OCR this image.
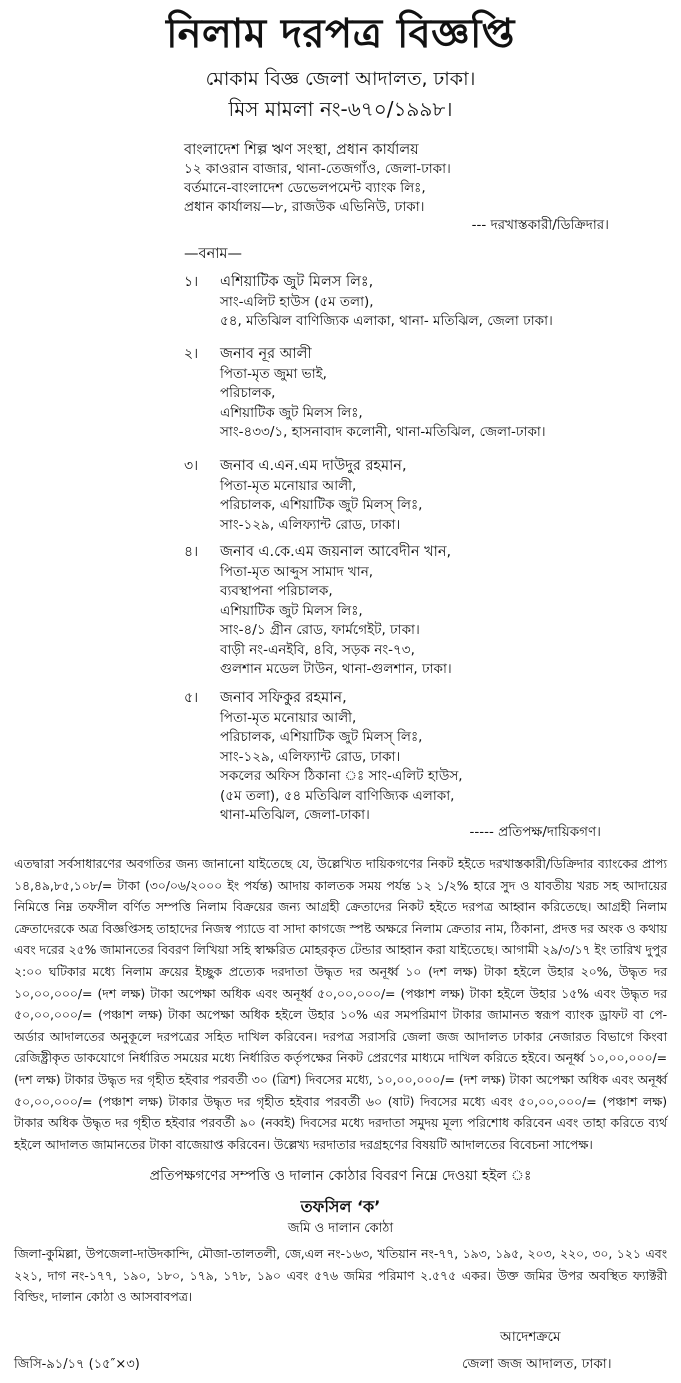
নিলাম দরপত্র বিজ্ঞপ্তি
মোকাম বিজ্ঞ জেলা আদালত, ঢাকা।
মিস মামলা নং-৬৭০/১৯৯৮।
বাংলাদেশ শিল্প ঋণ সংস্থা, প্রধান কার্যালয়
১২ কাওরান বাজার, থানা-তেজগাঁও, জেলা-ঢাকা।
বর্তমানে-বাংলাদেশ ডেভেলপমেন্ট ব্যাংক লিঃ,
প্রধান কার্যালয়—৮, রাজউক এভিনিউ, ঢাকা।
--- দরখাস্তকারী/ডিক্রিদার।
—বনাম—
১।	এশিয়াটিক জুট মিলস লিঃ,
সাং-এলিট হাউস (৫ম তলা),
৫৪, মতিঝিল বাণিজ্যিক এলাকা, থানা- মতিঝিল, জেলা ঢাকা।
২।	জনাব নূর আলী
পিতা-মৃত জুমা ভাই,
পরিচালক,
এশিয়াটিক জুট মিলস লিঃ,
সাং-৪৩৩/১, হাসনাবাদ কলোনী, থানা-মতিঝিল, জেলা-ঢাকা।
৩।	জনাব এ.এন.এম দাউদুর রহমান,
পিতা-মৃত মনোয়ার আলী,
পরিচালক, এশিয়াটিক জুট মিলস্ লিঃ,
সাং-১২৯, এলিফ্যান্ট রোড, ঢাকা।
৪।	জনাব এ.কে.এম জয়নাল আবেদীন খান,
পিতা-মৃত আব্দুস সামাদ খান,
ব্যবস্থাপনা পরিচালক,
এশিয়াটিক জুট মিলস লিঃ,
সাং-৪/১ গ্রীন রোড, ফার্মগেইট, ঢাকা।
বাড়ী নং-এনইবি, ৪বি, সড়ক নং-৭৩,
গুলশান মডেল টাউন, থানা-গুলশান, ঢাকা।
৫।	জনাব সফিকুর রহমান,
পিতা-মৃত মনোয়ার আলী,
পরিচালক, এশিয়াটিক জুট মিলস্ লিঃ,
সাং-১২৯, এলিফ্যান্ট রোড, ঢাকা।
সকলের অফিস ঠিকানা ঃ সাং-এলিট হাউস,
(৫ম তলা), ৫৪ মতিঝিল বাণিজ্যিক এলাকা,
থানা-মতিঝিল, জেলা-ঢাকা।
----- প্রতিপক্ষ/দায়িকগণ।
এতদ্বারা সর্বসাধারণের অবগতির জন্য জানানো যাইতেছে যে, উল্লেখিত দায়িকগণের নিকট হইতে দরখাস্তকারী/ডিক্রিদার ব্যাংকের প্রাপ্য ১৪,৪৯,৮৫,১০৮/= টাকা (৩০/০৬/২০০০ ইং পর্যন্ত) আদায় কালতক সময় পর্যন্ত ১২ ১/২% হারে সুদ ও যাবতীয় খরচ সহ আদায়ের নিমিত্তে নিম্ন তফসীল বর্ণিত সম্পত্তি নিলাম বিক্রয়ের জন্য আগ্রহী ক্রেতাদের নিকট হইতে দরপত্র আহ্বান করিতেছে। আগ্রহী নিলাম ক্রেতাদেরকে অত্র বিজ্ঞপ্তিসহ তাহাদের নিজস্ব প্যাডে বা সাদা কাগজে স্পষ্ট অক্ষরে নিলাম ক্রেতার নাম, ঠিকানা, প্রদত্ত দর অংক ও কথায় এবং দরের ২৫% জামানতের বিবরণ লিখিয়া সহি স্বাক্ষরিত মোহরকৃত টেন্ডার আহ্বান করা যাইতেছে। আগামী ২৯/৩/১৭ ইং তারিখ দুপুর ২:০০ ঘটিকার মধ্যে নিলাম ক্রয়ের ইচ্ছুক প্রত্যেক দরদাতা উদ্ধৃত দর অনূর্ধ্ব ১০ (দশ লক্ষ) টাকা হইলে উহার ২০%, উদ্ধৃত দর ১০,০০,০০০/= (দশ লক্ষ) টাকা অপেক্ষা অধিক এবং অনূর্ধ্ব ৫০,০০,০০০/= (পঞ্চাশ লক্ষ) টাকা হইলে উহার ১৫% এবং উদ্ধৃত দর ৫০,০০,০০০/= (পঞ্চাশ লক্ষ) টাকা অপেক্ষা অধিক হইলে উহার ১০% এর সমপরিমাণ টাকার জামানত স্বরূপ ব্যাংক ড্রাফট বা পে-অর্ডার আদালতের অনুকূলে দরপত্রের সহিত দাখিল করিবেন। দরপত্র সরাসরি জেলা জজ আদালত ঢাকার নেজারত বিভাগে কিংবা রেজিষ্ট্রীকৃত ডাকযোগে নির্ধারিত সময়ের মধ্যে নির্ধারিত কর্তৃপক্ষের নিকট প্রেরণের মাধ্যমে দাখিল করিতে হইবে। অনূর্ধ্ব ১০,০০,০০০/= (দশ লক্ষ) টাকার উদ্ধৃত দর গৃহীত হইবার পরবর্তী ৩০ (ত্রিশ) দিবসের মধ্যে, ১০,০০,০০০/= (দশ লক্ষ) টাকা অপেক্ষা অধিক এবং অনূর্ধ্ব ৫০,০০,০০০/= (পঞ্চাশ লক্ষ) টাকার উদ্ধৃত দর গৃহীত হইবার পরবর্তী ৬০ (ষাট) দিবসের মধ্যে এবং ৫০,০০,০০০/= (পঞ্চাশ লক্ষ) টাকার অধিক উদ্ধৃত দর গৃহীত হইবার পরবর্তী ৯০ (নব্বই) দিবসের মধ্যে দরদাতা সমুদয় মূল্য পরিশোধ করিবেন এবং তাহা করিতে ব্যর্থ হইলে আদালত জামানতের টাকা বাজেয়াপ্ত করিবেন। উল্লেখ্য দরদাতার দরগ্রহণের বিষয়টি আদালতের বিবেচনা সাপেক্ষ।
প্রতিপক্ষগণের সম্পত্তি ও দালান কোঠার বিবরণ নিম্নে দেওয়া হইল ঃ
তফসিল ‘ক’
জমি ও দালান কোঠা
জিলা-কুমিল্লা, উপজেলা-দাউদকান্দি, মৌজা-তালতলী, জে,এল নং-১৬৩, খতিয়ান নং-৭৭, ১৯৩, ১৯৫, ২০৩, ২২০, ৩০, ১২১ এবং ২২১, দাগ নং-১৭৭, ১৯০, ১৮০, ১৭৯, ১৭৮, ১৯০ এবং ৫৭৬ জমির পরিমাণ ২.৫৭৫ একর। উক্ত জমির উপর অবস্থিত ফ্যাক্টরী বিল্ডিং, দালান কোঠা ও আসবাবপত্র।
আদেশক্রমে
জেলা জজ আদালত, ঢাকা।
জিসি-৯১/১৭ (১৫″×৩)
